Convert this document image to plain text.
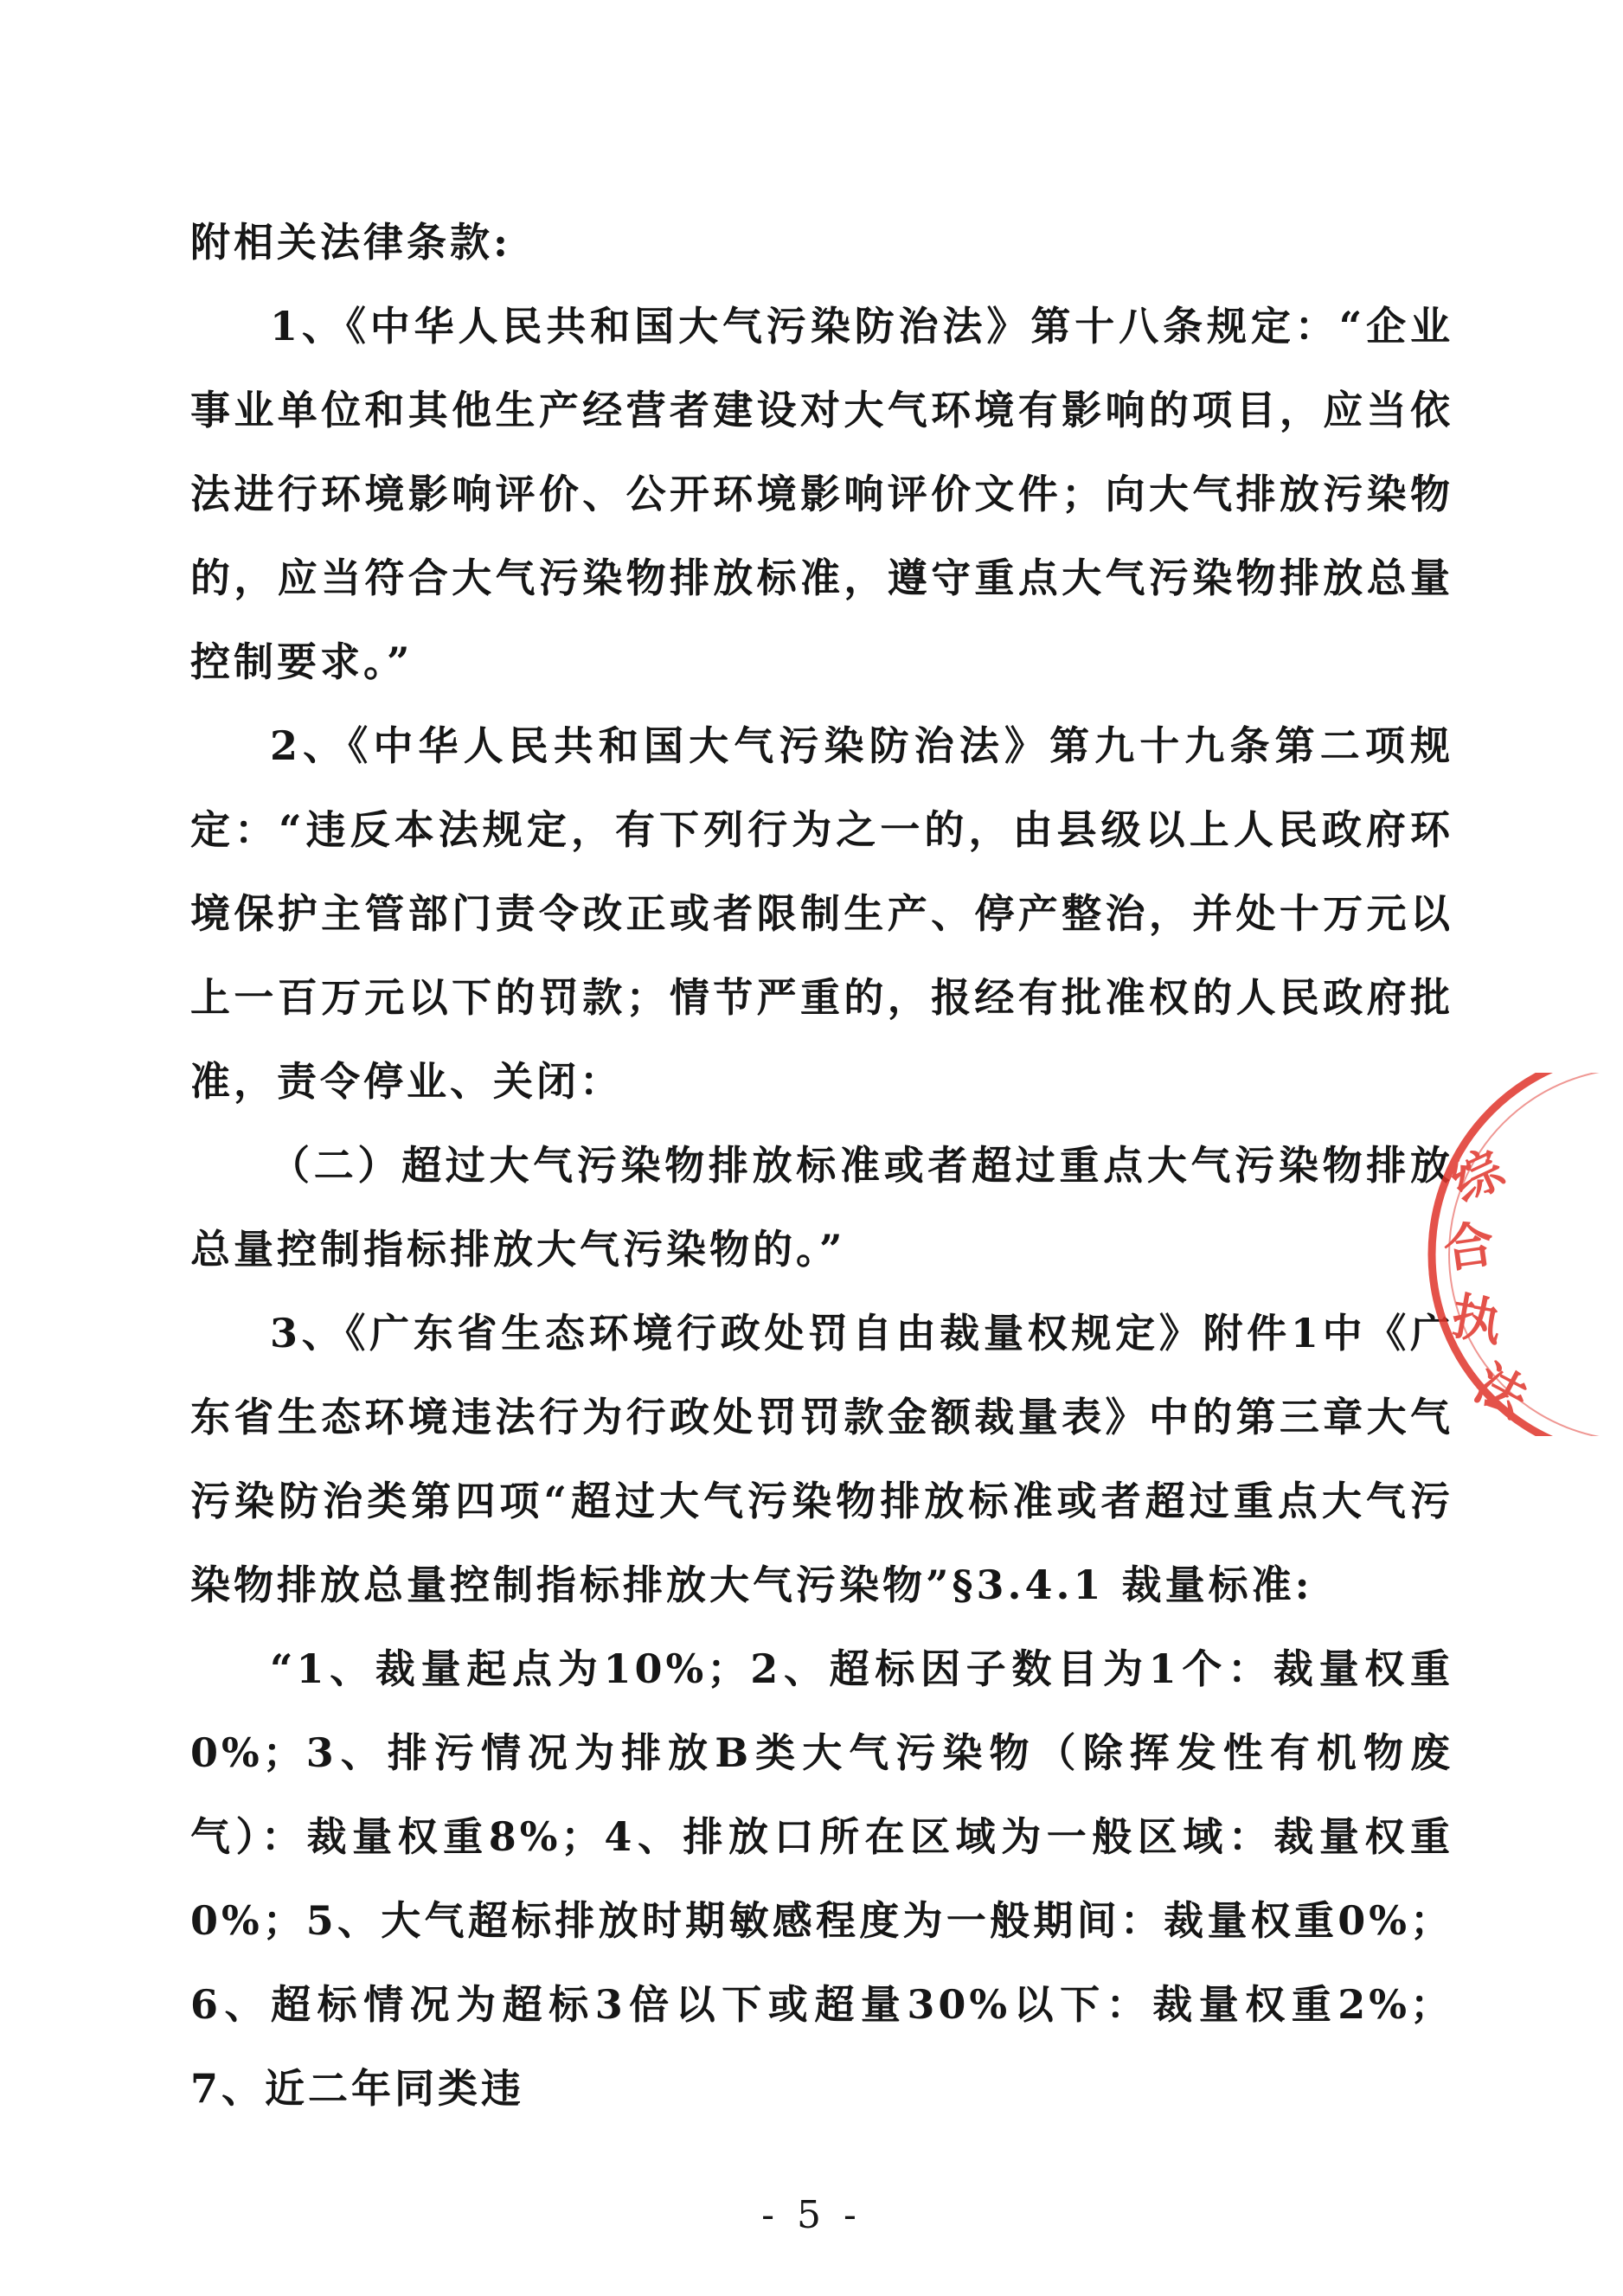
附相关法律条款:

1、《中华人民共和国大气污染防治法》第十八条规定：“企业事业单位和其他生产经营者建设对大气环境有影响的项目，应当依法进行环境影响评价、公开环境影响评价文件；向大气排放污染物的，应当符合大气污染物排放标准，遵守重点大气污染物排放总量控制要求。”

2、《中华人民共和国大气污染防治法》第九十九条第二项规定：“违反本法规定，有下列行为之一的，由县级以上人民政府环境保护主管部门责令改正或者限制生产、停产整治，并处十万元以上一百万元以下的罚款；情节严重的，报经有批准权的人民政府批准，责令停业、关闭：

（二）超过大气污染物排放标准或者超过重点大气污染物排放总量控制指标排放大气污染物的。”

3、《广东省生态环境行政处罚自由裁量权规定》附件1中《广东省生态环境违法行为行政处罚罚款金额裁量表》中的第三章大气污染防治类第四项“超过大气污染物排放标准或者超过重点大气污染物排放总量控制指标排放大气污染物”§3.4.1 裁量标准:

“1、裁量起点为10%；2、超标因子数目为1个：裁量权重0%；3、排污情况为排放B类大气污染物（除挥发性有机物废气）：裁量权重8%；4、排放口所在区域为一般区域：裁量权重0%；5、大气超标排放时期敏感程度为一般期间：裁量权重0%；6、超标情况为超标3倍以下或超量30%以下：裁量权重2%；7、近二年同类违

综
合
执
法
- 5 -
